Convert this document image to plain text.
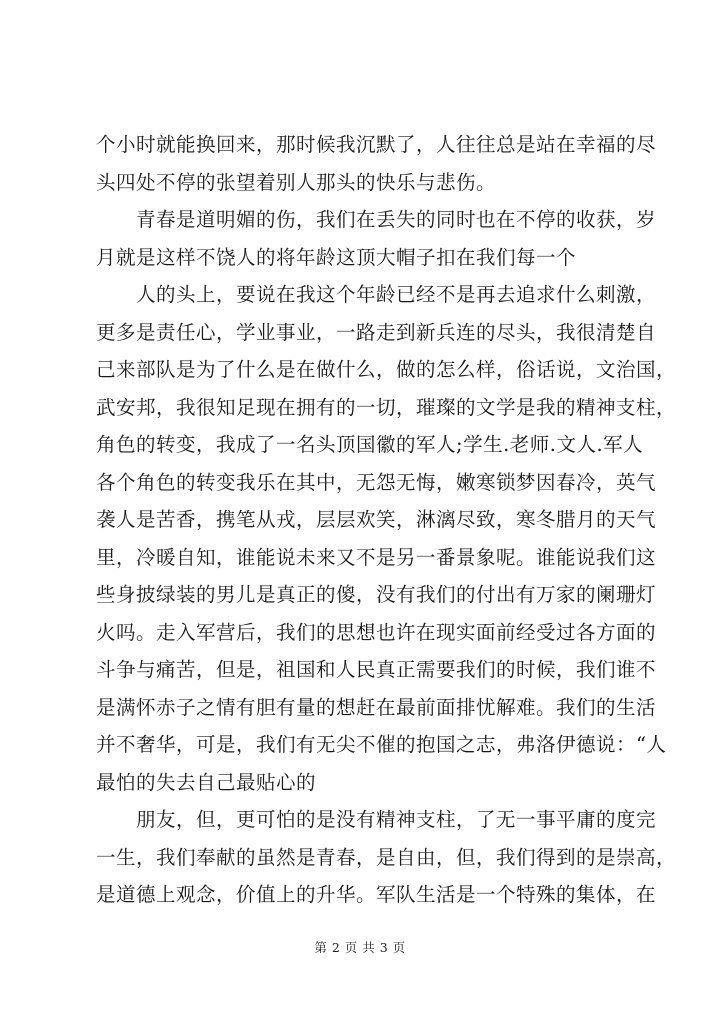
个小时就能换回来，那时候我沉默了，人往往总是站在幸福的尽
头四处不停的张望着别人那头的快乐与悲伤。

青春是道明媚的伤，我们在丢失的同时也在不停的收获，岁
月就是这样不饶人的将年龄这顶大帽子扣在我们每一个

人的头上，要说在我这个年龄已经不是再去追求什么刺激，
更多是责任心，学业事业，一路走到新兵连的尽头，我很清楚自
己来部队是为了什么是在做什么，做的怎么样，俗话说，文治国，
武安邦，我很知足现在拥有的一切，璀璨的文学是我的精神支柱，
角色的转变，我成了一名头顶国徽的军人;学生.老师.文人.军人
各个角色的转变我乐在其中，无怨无悔，嫩寒锁梦因春冷，英气
袭人是苦香，携笔从戎，层层欢笑，淋漓尽致，寒冬腊月的天气
里，冷暖自知，谁能说未来又不是另一番景象呢。谁能说我们这
些身披绿装的男儿是真正的傻，没有我们的付出有万家的阑珊灯
火吗。走入军营后，我们的思想也许在现实面前经受过各方面的
斗争与痛苦，但是，祖国和人民真正需要我们的时候，我们谁不
是满怀赤子之情有胆有量的想赶在最前面排忧解难。我们的生活
并不奢华，可是，我们有无尖不催的抱国之志，弗洛伊德说：“人
最怕的失去自己最贴心的

朋友，但，更可怕的是没有精神支柱，了无一事平庸的度完
一生，我们奉献的虽然是青春，是自由，但，我们得到的是崇高，
是道德上观念，价值上的升华。军队生活是一个特殊的集体，在

第 2 页 共 3 页
